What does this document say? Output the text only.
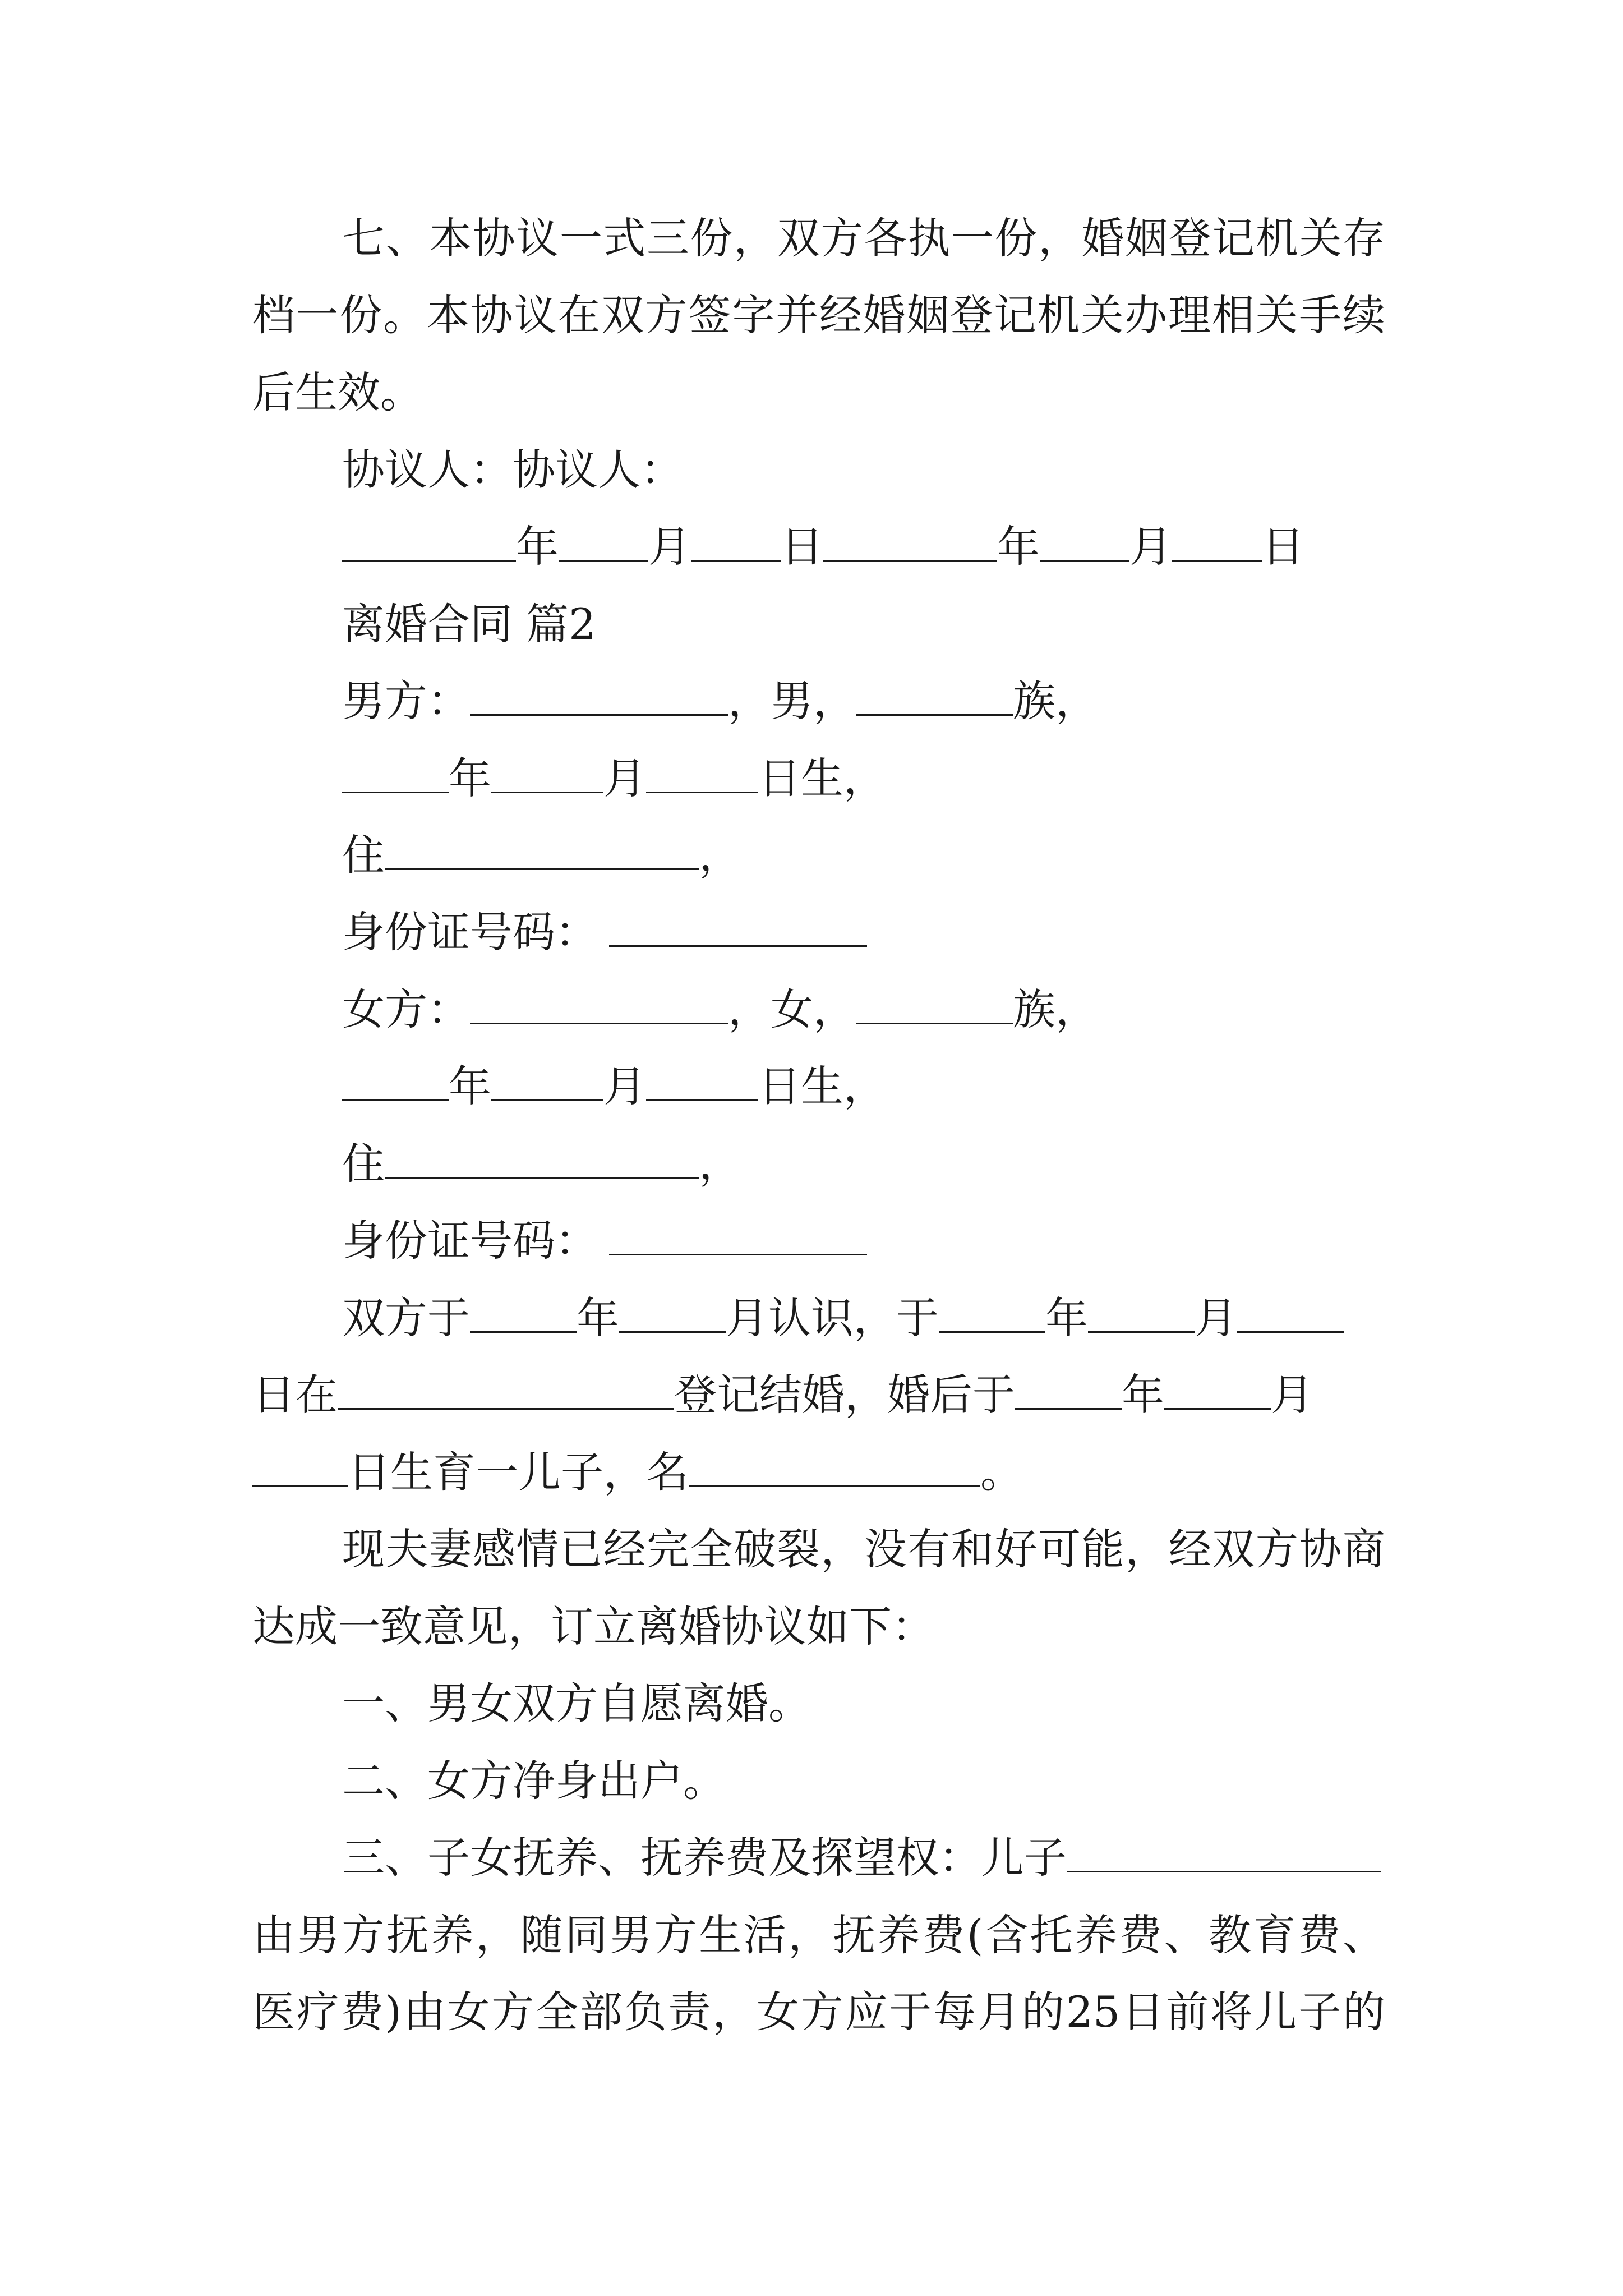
七、本协议一式三份，双方各执一份，婚姻登记机关存
档一份。本协议在双方签字并经婚姻登记机关办理相关手续
后生效。
协议人：协议人：
年 月 日	年 月 日
离婚合同 篇2
男方：	，男，	族，
年	月	日生，
住	，
身份证号码：
女方：	，女，	族，
年	月	日生，
住	，
身份证号码：
双方于	年	月认识，于	年	月
日在	登记结婚，婚后于	年	月
日生育一儿子，名	。
现夫妻感情已经完全破裂，没有和好可能，经双方协商
达成一致意见，订立离婚协议如下：
一、男女双方自愿离婚。
二、女方净身出户。
三、子女抚养、抚养费及探望权：儿子
由男方抚养，随同男方生活，抚养费(含托养费、教育费、
医疗费)由女方全部负责，女方应于每月的25日前将儿子的
